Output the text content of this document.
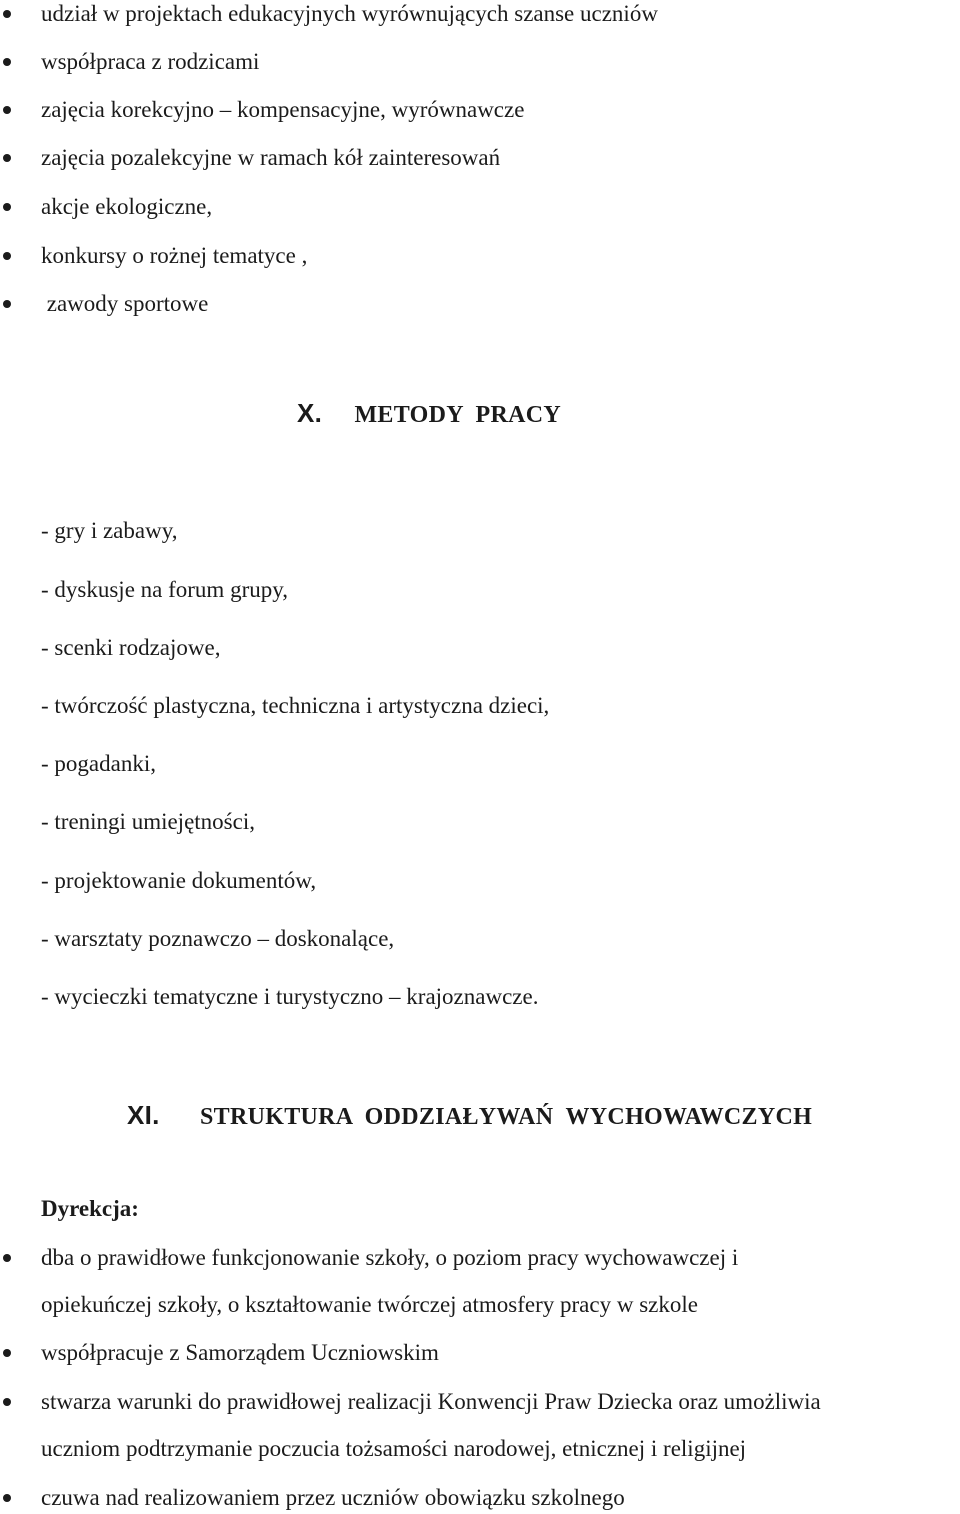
udział w projektach edukacyjnych wyrównujących szanse uczniów
współpraca z rodzicami
zajęcia korekcyjno – kompensacyjne, wyrównawcze
zajęcia pozalekcyjne w ramach kół zainteresowań
akcje ekologiczne,
konkursy o rożnej tematyce ,
zawody sportowe
X. METODY  PRACY
- gry i zabawy,
- dyskusje na forum grupy,
- scenki rodzajowe,
- twórczość plastyczna, techniczna i artystyczna dzieci,
- pogadanki,
- treningi umiejętności,
- projektowanie dokumentów,
- warsztaty poznawczo – doskonalące,
- wycieczki tematyczne i turystyczno – krajoznawcze.
XI. STRUKTURA  ODDZIAŁYWAŃ  WYCHOWAWCZYCH
Dyrekcja:
dba o prawidłowe funkcjonowanie szkoły, o poziom pracy wychowawczej i
opiekuńczej szkoły, o kształtowanie twórczej atmosfery pracy w szkole
współpracuje z Samorządem Uczniowskim
stwarza warunki do prawidłowej realizacji Konwencji Praw Dziecka oraz umożliwia
uczniom podtrzymanie poczucia tożsamości narodowej, etnicznej i religijnej
czuwa nad realizowaniem przez uczniów obowiązku szkolnego
